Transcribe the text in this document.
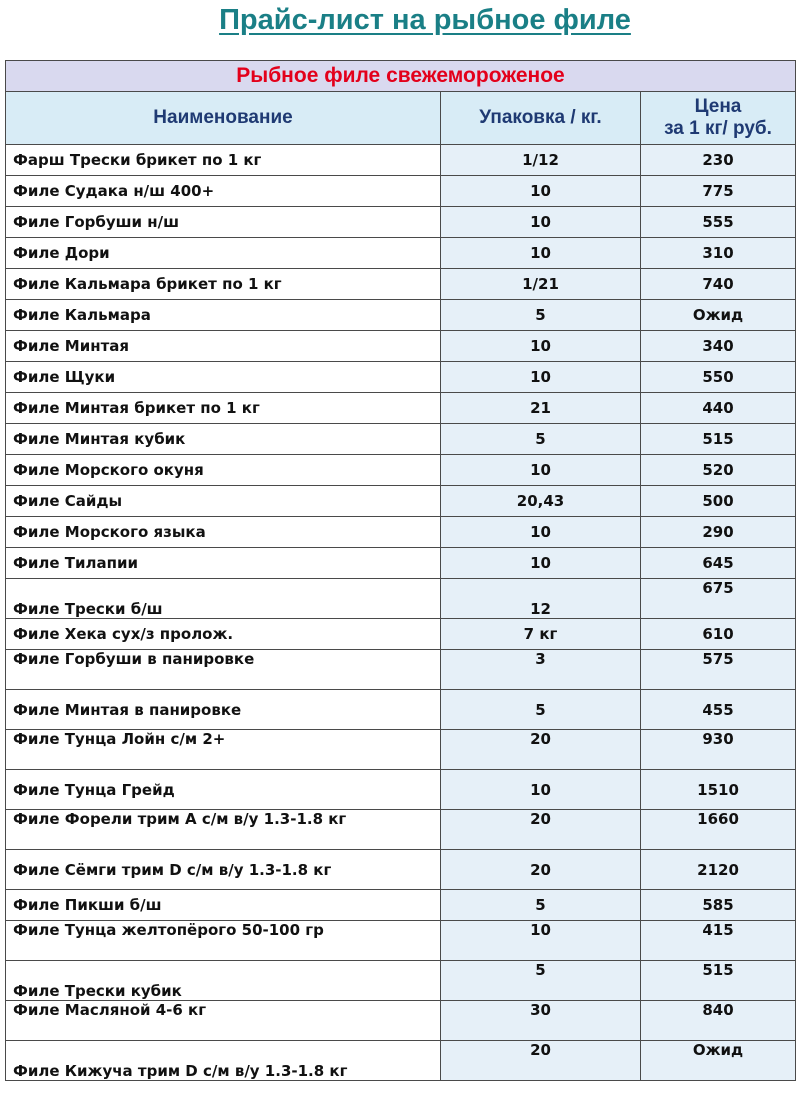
Прайс-лист на рыбное филе
Рыбное филе свежемороженое		
Наименование	Упаковка / кг.	Цена
за 1 кг/ руб.

Фарш Трески брикет по 1 кг	1/12	230
Филе Судака н/ш 400+	10	775
Филе Горбуши н/ш	10	555
Филе Дори	10	310
Филе Кальмара брикет по 1 кг	1/21	740
Филе Кальмара	5	Ожид
Филе Минтая	10	340
Филе Щуки	10	550
Филе Минтая брикет по 1 кг	21	440
Филе Минтая кубик	5	515
Филе Морского окуня	10	520
Филе Сайды	20,43	500
Филе Морского языка	10	290
Филе Тилапии	10	645
Филе Трески б/ш	12	675
Филе Хека сух/з пролож.	7 кг	610
Филе Горбуши в панировке	3	575
Филе Минтая в панировке	5	455
Филе Тунца Лойн с/м 2+	20	930
Филе Тунца Грейд	10	1510
Филе Форели трим А с/м в/у 1.3-1.8 кг	20	1660
Филе Сёмги трим D с/м в/у 1.3-1.8 кг	20	2120
Филе Пикши б/ш	5	585
Филе Тунца желтопёрого 50-100 гр	10	415
Филе Трески кубик	5	515
Филе Масляной 4-6 кг	30	840
Филе Кижуча трим D с/м в/у 1.3-1.8 кг	20	Ожид
